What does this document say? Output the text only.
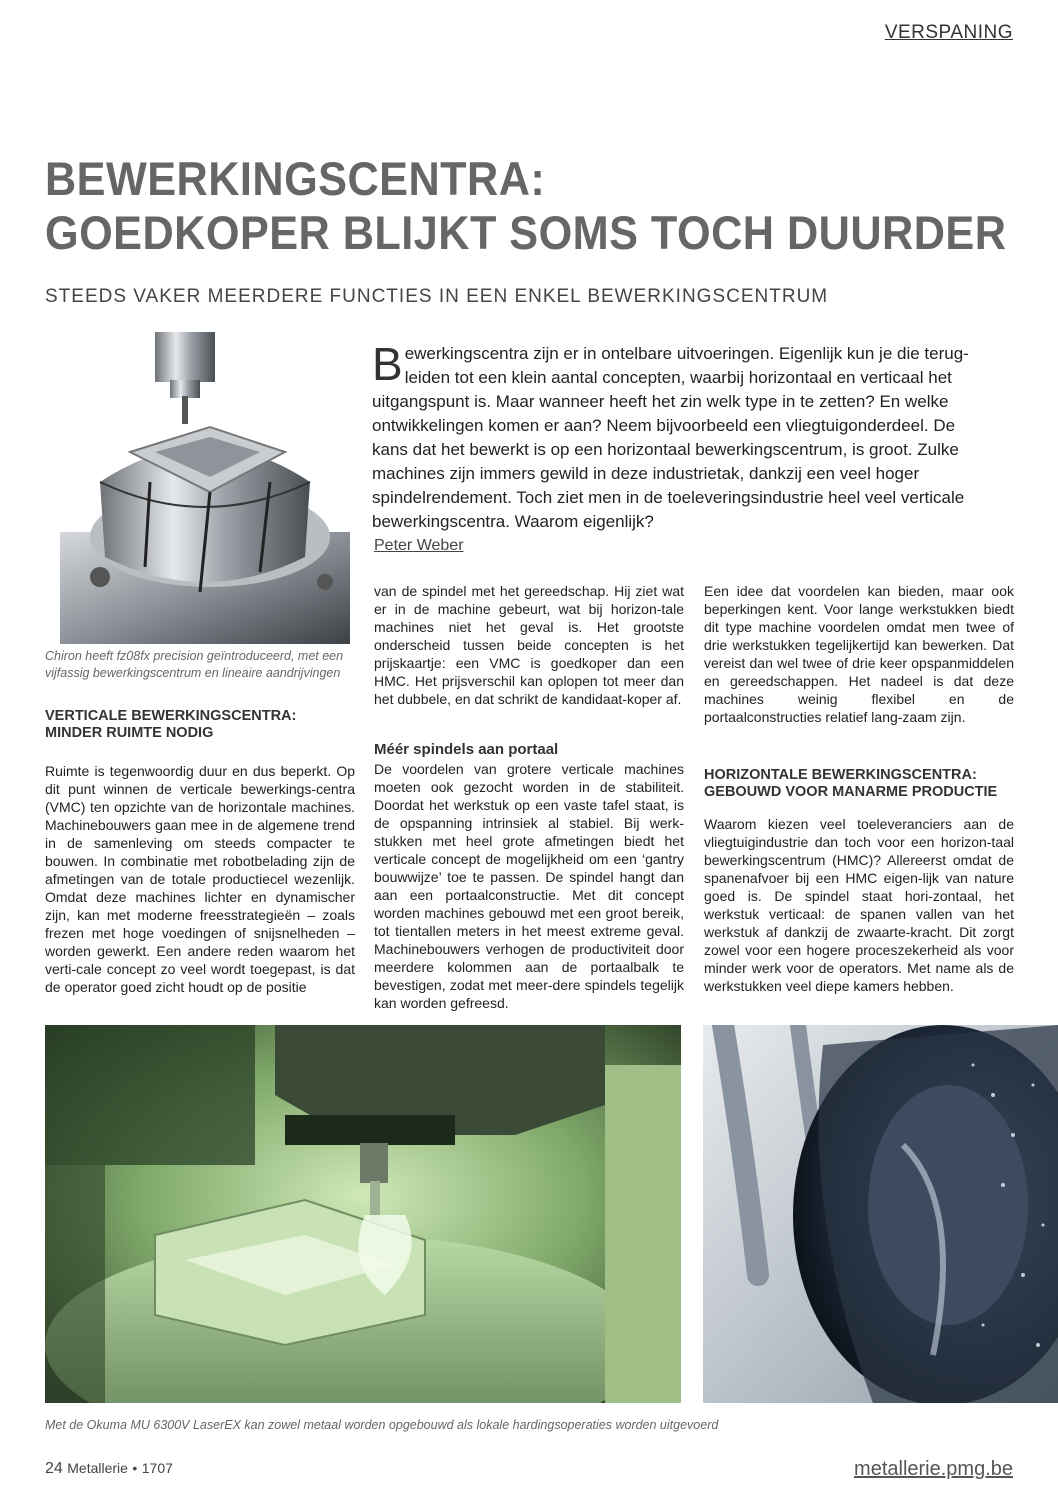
VERSPANING
BEWERKINGSCENTRA:
GOEDKOPER BLIJKT SOMS TOCH DUURDER
STEEDS VAKER MEERDERE FUNCTIES IN EEN ENKEL BEWERKINGSCENTRUM
Chiron heeft fz08fx precision geïntroduceerd, met een vijfassig bewerkingscentrum en lineaire aandrijvingen
Bewerkingscentra zijn er in ontelbare uitvoeringen. Eigenlijk kun je die terug-leiden tot een klein aantal concepten, waarbij horizontaal en verticaal het uitgangspunt is. Maar wanneer heeft het zin welk type in te zetten? En welke ontwikkelingen komen er aan? Neem bijvoorbeeld een vliegtuigonderdeel. De kans dat het bewerkt is op een horizontaal bewerkingscentrum, is groot. Zulke machines zijn immers gewild in deze industrietak, dankzij een veel hoger spindelrendement. Toch ziet men in de toeleveringsindustrie heel veel verticale bewerkingscentra. Waarom eigenlijk?
Peter Weber
VERTICALE BEWERKINGSCENTRA: MINDER RUIMTE NODIG

Ruimte is tegenwoordig duur en dus beperkt. Op dit punt winnen de verticale bewerkings-centra (VMC) ten opzichte van de horizontale machines. Machinebouwers gaan mee in de algemene trend in de samenleving om steeds compacter te bouwen. In combinatie met robotbelading zijn de afmetingen van de totale productiecel wezenlijk. Omdat deze machines lichter en dynamischer zijn, kan met moderne freesstrategieën – zoals frezen met hoge voedingen of snijsnelheden – worden gewerkt. Een andere reden waarom het verti-cale concept zo veel wordt toegepast, is dat de operator goed zicht houdt op de positie

van de spindel met het gereedschap. Hij ziet wat er in de machine gebeurt, wat bij horizon-tale machines niet het geval is. Het grootste onderscheid tussen beide concepten is het prijskaartje: een VMC is goedkoper dan een HMC. Het prijsverschil kan oplopen tot meer dan het dubbele, en dat schrikt de kandidaat-koper af.

Méér spindels aan portaal

De voordelen van grotere verticale machines moeten ook gezocht worden in de stabiliteit. Doordat het werkstuk op een vaste tafel staat, is de opspanning intrinsiek al stabiel. Bij werk-stukken met heel grote afmetingen biedt het verticale concept de mogelijkheid om een ‘gantry bouwwijze’ toe te passen. De spindel hangt dan aan een portaalconstructie. Met dit concept worden machines gebouwd met een groot bereik, tot tientallen meters in het meest extreme geval. Machinebouwers verhogen de productiviteit door meerdere kolommen aan de portaalbalk te bevestigen, zodat met meer-dere spindels tegelijk kan worden gefreesd.

Een idee dat voordelen kan bieden, maar ook beperkingen kent. Voor lange werkstukken biedt dit type machine voordelen omdat men twee of drie werkstukken tegelijkertijd kan bewerken. Dat vereist dan wel twee of drie keer opspanmiddelen en gereedschappen. Het nadeel is dat deze machines weinig flexibel en de portaalconstructies relatief lang-zaam zijn.

HORIZONTALE BEWERKINGSCENTRA: GEBOUWD VOOR MANARME PRODUCTIE

Waarom kiezen veel toeleveranciers aan de vliegtuigindustrie dan toch voor een horizon-taal bewerkingscentrum (HMC)? Allereerst omdat de spanenafvoer bij een HMC eigen-lijk van nature goed is. De spindel staat hori-zontaal, het werkstuk verticaal: de spanen vallen van het werkstuk af dankzij de zwaarte-kracht. Dit zorgt zowel voor een hogere proceszekerheid als voor minder werk voor de operators. Met name als de werkstukken veel diepe kamers hebben.

Met de Okuma MU 6300V LaserEX kan zowel metaal worden opgebouwd als lokale hardingsoperaties worden uitgevoerd
24 Metallerie • 1707	metallerie.pmg.be
